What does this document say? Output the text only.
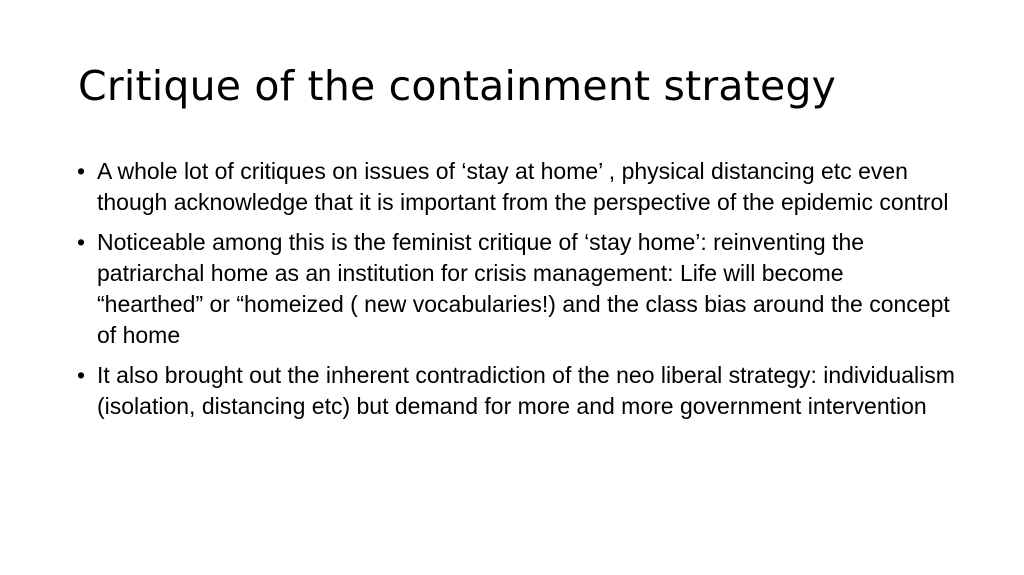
Critique of the containment strategy
• A whole lot of critiques on issues of ‘stay at home’ , physical distancing etc even though acknowledge that it is important from the perspective of the epidemic control
• Noticeable among this is the feminist critique of ‘stay home’: reinventing the patriarchal home as an institution for crisis management: Life will become “hearthed” or “homeized ( new vocabularies!) and the class bias around the concept of home
• It also brought out the inherent contradiction of the neo liberal strategy: individualism (isolation, distancing etc) but demand for more and more government intervention
